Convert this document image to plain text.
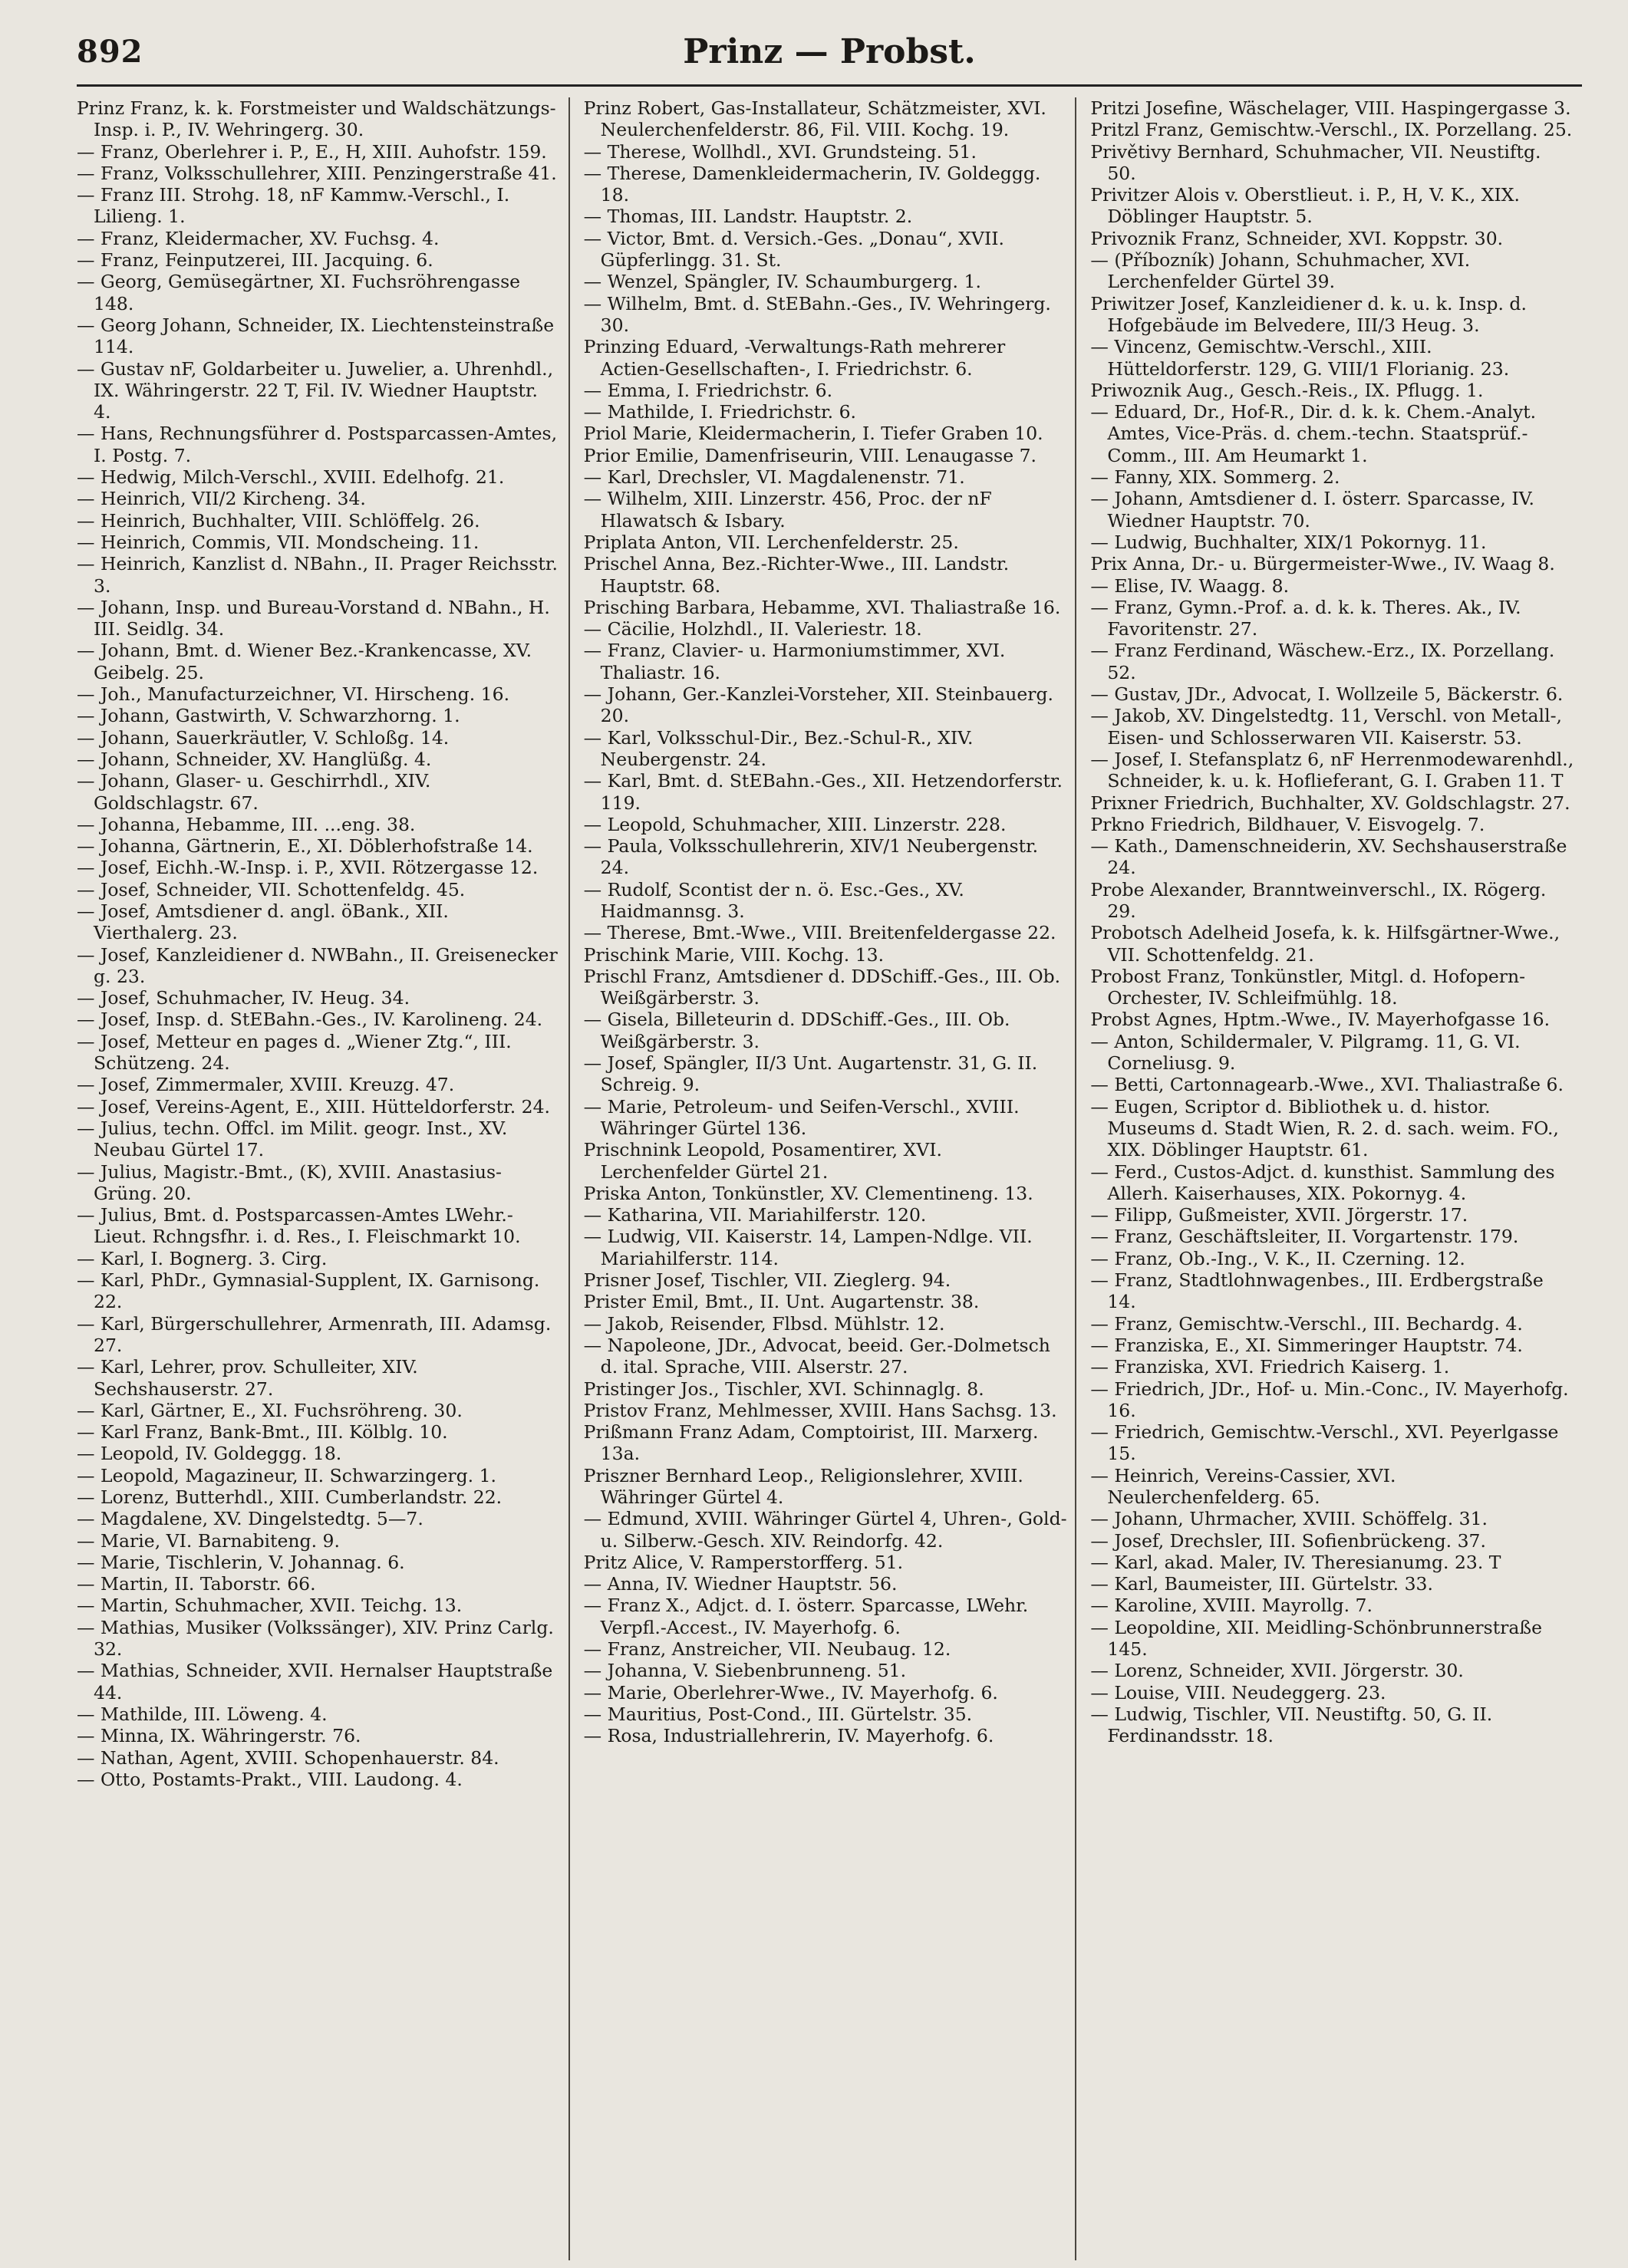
892	Prinz — Probst.

Prinz Franz, k. k. Forstmeister und Waldschätzungs-Insp. i. P., IV. Wehringerg. 30.

— Franz, Oberlehrer i. P., E., H, XIII. Auhofstr. 159.

— Franz, Volksschullehrer, XIII. Penzingerstraße 41.

— Franz III. Strohg. 18, nF Kammw.-Verschl., I. Lilieng. 1.

— Franz, Kleidermacher, XV. Fuchsg. 4.

— Franz, Feinputzerei, III. Jacquing. 6.

— Georg, Gemüsegärtner, XI. Fuchsröhrengasse 148.

— Georg Johann, Schneider, IX. Liechtensteinstraße 114.

— Gustav nF, Goldarbeiter u. Juwelier, a. Uhrenhdl., IX. Währingerstr. 22 T, Fil. IV. Wiedner Hauptstr. 4.

— Hans, Rechnungsführer d. Postsparcassen-Amtes, I. Postg. 7.

— Hedwig, Milch-Verschl., XVIII. Edelhofg. 21.

— Heinrich, VII/2 Kircheng. 34.

— Heinrich, Buchhalter, VIII. Schlöffelg. 26.

— Heinrich, Commis, VII. Mondscheing. 11.

— Heinrich, Kanzlist d. NBahn., II. Prager Reichsstr. 3.

— Johann, Insp. und Bureau-Vorstand d. NBahn., H. III. Seidlg. 34.

— Johann, Bmt. d. Wiener Bez.-Krankencasse, XV. Geibelg. 25.

— Joh., Manufacturzeichner, VI. Hirscheng. 16.

— Johann, Gastwirth, V. Schwarzhorng. 1.

— Johann, Sauerkräutler, V. Schloßg. 14.

— Johann, Schneider, XV. Hanglüßg. 4.

— Johann, Glaser- u. Geschirrhdl., XIV. Goldschlagstr. 67.

— Johanna, Hebamme, III. ...eng. 38.

— Johanna, Gärtnerin, E., XI. Döblerhofstraße 14.

— Josef, Eichh.-W.-Insp. i. P., XVII. Rötzergasse 12.

— Josef, Schneider, VII. Schottenfeldg. 45.

— Josef, Amtsdiener d. angl. öBank., XII. Vierthalerg. 23.

— Josef, Kanzleidiener d. NWBahn., II. Greisenecker g. 23.

— Josef, Schuhmacher, IV. Heug. 34.

— Josef, Insp. d. StEBahn.-Ges., IV. Karolineng. 24.

— Josef, Metteur en pages d. „Wiener Ztg.“, III. Schützeng. 24.

— Josef, Zimmermaler, XVIII. Kreuzg. 47.

— Josef, Vereins-Agent, E., XIII. Hütteldorferstr. 24.

— Julius, techn. Offcl. im Milit. geogr. Inst., XV. Neubau Gürtel 17.

— Julius, Magistr.-Bmt., (K), XVIII. Anastasius-Grüng. 20.

— Julius, Bmt. d. Postsparcassen-Amtes LWehr.-Lieut. Rchngsfhr. i. d. Res., I. Fleischmarkt 10.

— Karl, I. Bognerg. 3. Cirg.

— Karl, PhDr., Gymnasial-Supplent, IX. Garnisong. 22.

— Karl, Bürgerschullehrer, Armenrath, III. Adamsg. 27.

— Karl, Lehrer, prov. Schulleiter, XIV. Sechshauserstr. 27.

— Karl, Gärtner, E., XI. Fuchsröhreng. 30.

— Karl Franz, Bank-Bmt., III. Kölblg. 10.

— Leopold, IV. Goldeggg. 18.

— Leopold, Magazineur, II. Schwarzingerg. 1.

— Lorenz, Butterhdl., XIII. Cumberlandstr. 22.

— Magdalene, XV. Dingelstedtg. 5—7.

— Marie, VI. Barnabiteng. 9.

— Marie, Tischlerin, V. Johannag. 6.

— Martin, II. Taborstr. 66.

— Martin, Schuhmacher, XVII. Teichg. 13.

— Mathias, Musiker (Volkssänger), XIV. Prinz Carlg. 32.

— Mathias, Schneider, XVII. Hernalser Hauptstraße 44.

— Mathilde, III. Löweng. 4.

— Minna, IX. Währingerstr. 76.

— Nathan, Agent, XVIII. Schopenhauerstr. 84.

— Otto, Postamts-Prakt., VIII. Laudong. 4.

Prinz Robert, Gas-Installateur, Schätzmeister, XVI. Neulerchenfelderstr. 86, Fil. VIII. Kochg. 19.

— Therese, Wollhdl., XVI. Grundsteing. 51.

— Therese, Damenkleidermacherin, IV. Goldeggg. 18.

— Thomas, III. Landstr. Hauptstr. 2.

— Victor, Bmt. d. Versich.-Ges. „Donau“, XVII. Güpferlingg. 31. St.

— Wenzel, Spängler, IV. Schaumburgerg. 1.

— Wilhelm, Bmt. d. StEBahn.-Ges., IV. Wehringerg. 30.

Prinzing Eduard, -Verwaltungs-Rath mehrerer Actien-Gesellschaften-, I. Friedrichstr. 6.

— Emma, I. Friedrichstr. 6.

— Mathilde, I. Friedrichstr. 6.

Priol Marie, Kleidermacherin, I. Tiefer Graben 10.

Prior Emilie, Damenfriseurin, VIII. Lenaugasse 7.

— Karl, Drechsler, VI. Magdalenenstr. 71.

— Wilhelm, XIII. Linzerstr. 456, Proc. der nF Hlawatsch & Isbary.

Priplata Anton, VII. Lerchenfelderstr. 25.

Prischel Anna, Bez.-Richter-Wwe., III. Landstr. Hauptstr. 68.

Prisching Barbara, Hebamme, XVI. Thaliastraße 16.

— Cäcilie, Holzhdl., II. Valeriestr. 18.

— Franz, Clavier- u. Harmoniumstimmer, XVI. Thaliastr. 16.

— Johann, Ger.-Kanzlei-Vorsteher, XII. Steinbauerg. 20.

— Karl, Volksschul-Dir., Bez.-Schul-R., XIV. Neubergenstr. 24.

— Karl, Bmt. d. StEBahn.-Ges., XII. Hetzendorferstr. 119.

— Leopold, Schuhmacher, XIII. Linzerstr. 228.

— Paula, Volksschullehrerin, XIV/1 Neubergenstr. 24.

— Rudolf, Scontist der n. ö. Esc.-Ges., XV. Haidmannsg. 3.

— Therese, Bmt.-Wwe., VIII. Breitenfeldergasse 22.

Prischink Marie, VIII. Kochg. 13.

Prischl Franz, Amtsdiener d. DDSchiff.-Ges., III. Ob. Weißgärberstr. 3.

— Gisela, Billeteurin d. DDSchiff.-Ges., III. Ob. Weißgärberstr. 3.

— Josef, Spängler, II/3 Unt. Augartenstr. 31, G. II. Schreig. 9.

— Marie, Petroleum- und Seifen-Verschl., XVIII. Währinger Gürtel 136.

Prischnink Leopold, Posamentirer, XVI. Lerchenfelder Gürtel 21.

Priska Anton, Tonkünstler, XV. Clementineng. 13.

— Katharina, VII. Mariahilferstr. 120.

— Ludwig, VII. Kaiserstr. 14, Lampen-Ndlge. VII. Mariahilferstr. 114.

Prisner Josef, Tischler, VII. Zieglerg. 94.

Prister Emil, Bmt., II. Unt. Augartenstr. 38.

— Jakob, Reisender, Flbsd. Mühlstr. 12.

— Napoleone, JDr., Advocat, beeid. Ger.-Dolmetsch d. ital. Sprache, VIII. Alserstr. 27.

Pristinger Jos., Tischler, XVI. Schinnaglg. 8.

Pristov Franz, Mehlmesser, XVIII. Hans Sachsg. 13.

Prißmann Franz Adam, Comptoirist, III. Marxerg. 13a.

Priszner Bernhard Leop., Religionslehrer, XVIII. Währinger Gürtel 4.

— Edmund, XVIII. Währinger Gürtel 4, Uhren-, Gold- u. Silberw.-Gesch. XIV. Reindorfg. 42.

Pritz Alice, V. Ramperstorfferg. 51.

— Anna, IV. Wiedner Hauptstr. 56.

— Franz X., Adjct. d. I. österr. Sparcasse, LWehr. Verpfl.-Accest., IV. Mayerhofg. 6.

— Franz, Anstreicher, VII. Neubaug. 12.

— Johanna, V. Siebenbrunneng. 51.

— Marie, Oberlehrer-Wwe., IV. Mayerhofg. 6.

— Mauritius, Post-Cond., III. Gürtelstr. 35.

— Rosa, Industriallehrerin, IV. Mayerhofg. 6.

Pritzi Josefine, Wäschelager, VIII. Haspingergasse 3.

Pritzl Franz, Gemischtw.-Verschl., IX. Porzellang. 25.

Privětivy Bernhard, Schuhmacher, VII. Neustiftg. 50.

Privitzer Alois v. Oberstlieut. i. P., H, V. K., XIX. Döblinger Hauptstr. 5.

Privoznik Franz, Schneider, XVI. Koppstr. 30.

— (Příbozník) Johann, Schuhmacher, XVI. Lerchenfelder Gürtel 39.

Priwitzer Josef, Kanzleidiener d. k. u. k. Insp. d. Hofgebäude im Belvedere, III/3 Heug. 3.

— Vincenz, Gemischtw.-Verschl., XIII. Hütteldorferstr. 129, G. VIII/1 Florianig. 23.

Priwoznik Aug., Gesch.-Reis., IX. Pflugg. 1.

— Eduard, Dr., Hof-R., Dir. d. k. k. Chem.-Analyt. Amtes, Vice-Präs. d. chem.-techn. Staatsprüf.-Comm., III. Am Heumarkt 1.

— Fanny, XIX. Sommerg. 2.

— Johann, Amtsdiener d. I. österr. Sparcasse, IV. Wiedner Hauptstr. 70.

— Ludwig, Buchhalter, XIX/1 Pokornyg. 11.

Prix Anna, Dr.- u. Bürgermeister-Wwe., IV. Waag 8.

— Elise, IV. Waagg. 8.

— Franz, Gymn.-Prof. a. d. k. k. Theres. Ak., IV. Favoritenstr. 27.

— Franz Ferdinand, Wäschew.-Erz., IX. Porzellang. 52.

— Gustav, JDr., Advocat, I. Wollzeile 5, Bäckerstr. 6.

— Jakob, XV. Dingelstedtg. 11, Verschl. von Metall-, Eisen- und Schlosserwaren VII. Kaiserstr. 53.

— Josef, I. Stefansplatz 6, nF Herrenmodewarenhdl., Schneider, k. u. k. Hoflieferant, G. I. Graben 11. T

Prixner Friedrich, Buchhalter, XV. Goldschlagstr. 27.

Prkno Friedrich, Bildhauer, V. Eisvogelg. 7.

— Kath., Damenschneiderin, XV. Sechshauserstraße 24.

Probe Alexander, Branntweinverschl., IX. Rögerg. 29.

Probotsch Adelheid Josefa, k. k. Hilfsgärtner-Wwe., VII. Schottenfeldg. 21.

Probost Franz, Tonkünstler, Mitgl. d. Hofopern-Orchester, IV. Schleifmühlg. 18.

Probst Agnes, Hptm.-Wwe., IV. Mayerhofgasse 16.

— Anton, Schildermaler, V. Pilgramg. 11, G. VI. Corneliusg. 9.

— Betti, Cartonnagearb.-Wwe., XVI. Thaliastraße 6.

— Eugen, Scriptor d. Bibliothek u. d. histor. Museums d. Stadt Wien, R. 2. d. sach. weim. FO., XIX. Döblinger Hauptstr. 61.

— Ferd., Custos-Adjct. d. kunsthist. Sammlung des Allerh. Kaiserhauses, XIX. Pokornyg. 4.

— Filipp, Gußmeister, XVII. Jörgerstr. 17.

— Franz, Geschäftsleiter, II. Vorgartenstr. 179.

— Franz, Ob.-Ing., V. K., II. Czerning. 12.

— Franz, Stadtlohnwagenbes., III. Erdbergstraße 14.

— Franz, Gemischtw.-Verschl., III. Bechardg. 4.

— Franziska, E., XI. Simmeringer Hauptstr. 74.

— Franziska, XVI. Friedrich Kaiserg. 1.

— Friedrich, JDr., Hof- u. Min.-Conc., IV. Mayerhofg. 16.

— Friedrich, Gemischtw.-Verschl., XVI. Peyerlgasse 15.

— Heinrich, Vereins-Cassier, XVI. Neulerchenfelderg. 65.

— Johann, Uhrmacher, XVIII. Schöffelg. 31.

— Josef, Drechsler, III. Sofienbrückeng. 37.

— Karl, akad. Maler, IV. Theresianumg. 23. T

— Karl, Baumeister, III. Gürtelstr. 33.

— Karoline, XVIII. Mayrollg. 7.

— Leopoldine, XII. Meidling-Schönbrunnerstraße 145.

— Lorenz, Schneider, XVII. Jörgerstr. 30.

— Louise, VIII. Neudeggerg. 23.

— Ludwig, Tischler, VII. Neustiftg. 50, G. II. Ferdinandsstr. 18.
